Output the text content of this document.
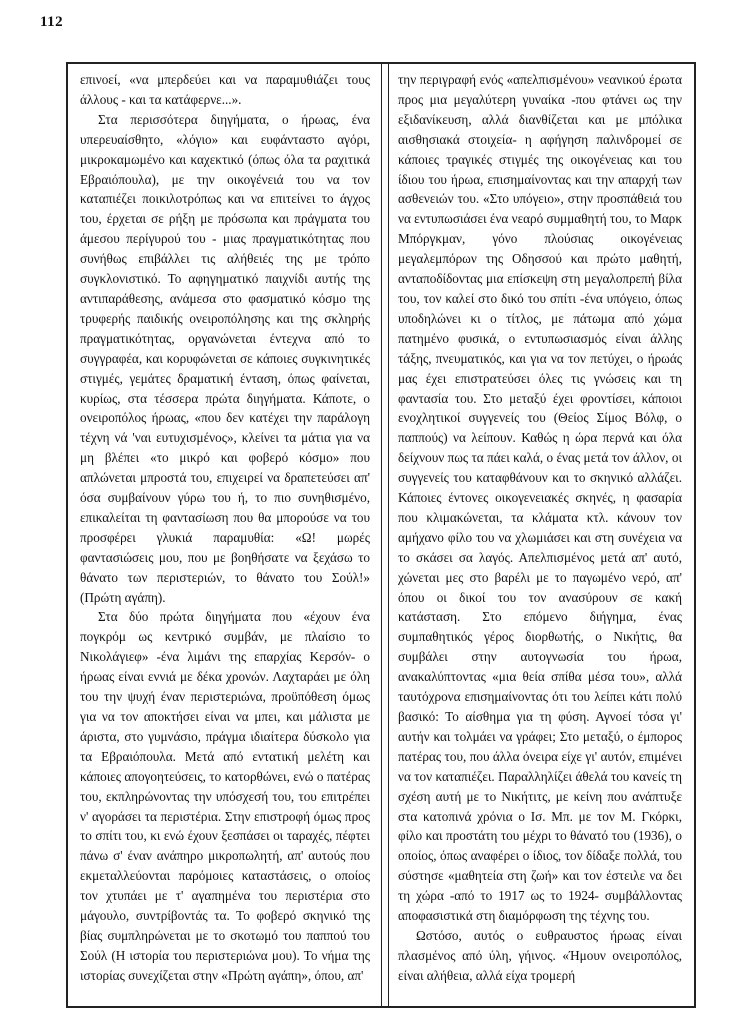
112

επινοεί, «να μπερδεύει και να παραμυθιάζει τους άλλους - και τα κατάφερνε...».

Στα περισσότερα διηγήματα, ο ήρωας, ένα υπερευαίσθητο, «λόγιο» και ευφάνταστο αγόρι, μικροκαμωμένο και καχεκτικό (όπως όλα τα ραχιτικά Εβραιόπουλα), με την οικογένειά του να τον καταπιέζει ποικιλοτρόπως και να επιτείνει το άγχος του, έρχεται σε ρήξη με πρόσωπα και πράγματα του άμεσου περίγυρού του - μιας πραγματικότητας που συνήθως επιβάλλει τις αλήθειές της με τρόπο συγκλονιστικό. Το αφηγηματικό παιχνίδι αυτής της αντιπαράθεσης, ανάμεσα στο φασματικό κόσμο της τρυφερής παιδικής ονειροπόλησης και της σκληρής πραγματικότητας, οργανώνεται έντεχνα από το συγγραφέα, και κορυφώνεται σε κάποιες συγκινητικές στιγμές, γεμάτες δραματική ένταση, όπως φαίνεται, κυρίως, στα τέσσερα πρώτα διηγήματα. Κάποτε, ο ονειροπόλος ήρωας, «που δεν κατέχει την παράλογη τέχνη νά 'ναι ευτυχισμένος», κλείνει τα μάτια για να μη βλέπει «το μικρό και φοβερό κόσμο» που απλώνεται μπροστά του, επιχειρεί να δραπετεύσει απ' όσα συμβαίνουν γύρω του ή, το πιο συνηθισμένο, επικαλείται τη φαντασίωση που θα μπορούσε να του προσφέρει γλυκιά παραμυθία: «Ω! μωρές φαντασιώσεις μου, που με βοηθήσατε να ξεχάσω το θάνατο των περιστεριών, το θάνατο του Σούλ!» (Πρώτη αγάπη).

Στα δύο πρώτα διηγήματα που «έχουν ένα πογκρόμ ως κεντρικό συμβάν, με πλαίσιο το Νικολάγιεφ» -ένα λιμάνι της επαρχίας Κερσόν- ο ήρωας είναι εννιά με δέκα χρονών. Λαχταράει με όλη του την ψυχή έναν περιστεριώνα, προϋπόθεση όμως για να τον αποκτήσει είναι να μπει, και μάλιστα με άριστα, στο γυμνάσιο, πράγμα ιδιαίτερα δύσκολο για τα Εβραιόπουλα. Μετά από εντατική μελέτη και κάποιες απογοητεύσεις, το κατορθώνει, ενώ ο πατέρας του, εκπληρώνοντας την υπόσχεσή του, του επιτρέπει ν' αγοράσει τα περιστέρια. Στην επιστροφή όμως προς το σπίτι του, κι ενώ έχουν ξεσπάσει οι ταραχές, πέφτει πάνω σ' έναν ανάπηρο μικροπωλητή, απ' αυτούς που εκμεταλλεύονται παρόμοιες καταστάσεις, ο οποίος τον χτυπάει με τ' αγαπημένα του περιστέρια στο μάγουλο, συντρίβοντάς τα. Το φοβερό σκηνικό της βίας συμπληρώνεται με το σκοτωμό του παππού του Σούλ (Η ιστορία του περιστεριώνα μου). Το νήμα της ιστορίας συνεχίζεται στην «Πρώτη αγάπη», όπου, απ'

την περιγραφή ενός «απελπισμένου» νεανικού έρωτα προς μια μεγαλύτερη γυναίκα -που φτάνει ως την εξιδανίκευση, αλλά διανθίζεται και με μπόλικα αισθησιακά στοιχεία- η αφήγηση παλινδρομεί σε κάποιες τραγικές στιγμές της οικογένειας και του ίδιου του ήρωα, επισημαίνοντας και την απαρχή των ασθενειών του. «Στο υπόγειο», στην προσπάθειά του να εντυπωσιάσει ένα νεαρό συμμαθητή του, το Μαρκ Μπόργκμαν, γόνο πλούσιας οικογένειας μεγαλεμπόρων της Οδησσού και πρώτο μαθητή, ανταποδίδοντας μια επίσκεψη στη μεγαλοπρεπή βίλα του, τον καλεί στο δικό του σπίτι -ένα υπόγειο, όπως υποδηλώνει κι ο τίτλος, με πάτωμα από χώμα πατημένο φυσικά, ο εντυπωσιασμός είναι άλλης τάξης, πνευματικός, και για να τον πετύχει, ο ήρωάς μας έχει επιστρατεύσει όλες τις γνώσεις και τη φαντασία του. Στο μεταξύ έχει φροντίσει, κάποιοι ενοχλητικοί συγγενείς του (Θείος Σίμος Βόλφ, ο παππούς) να λείπουν. Καθώς η ώρα περνά και όλα δείχνουν πως τα πάει καλά, ο ένας μετά τον άλλον, οι συγγενείς του καταφθάνουν και το σκηνικό αλλάζει. Κάποιες έντονες οικογενειακές σκηνές, η φασαρία που κλιμακώνεται, τα κλάματα κτλ. κάνουν τον αμήχανο φίλο του να χλωμιάσει και στη συνέχεια να το σκάσει σα λαγός. Απελπισμένος μετά απ' αυτό, χώνεται μες στο βαρέλι με το παγωμένο νερό, απ' όπου οι δικοί του τον ανασύρουν σε κακή κατάσταση. Στο επόμενο διήγημα, ένας συμπαθητικός γέρος διορθωτής, ο Νικήτις, θα συμβάλει στην αυτογνωσία του ήρωα, ανακαλύπτοντας «μια θεία σπίθα μέσα του», αλλά ταυτόχρονα επισημαίνοντας ότι του λείπει κάτι πολύ βασικό: Το αίσθημα για τη φύση. Αγνοεί τόσα γι' αυτήν και τολμάει να γράφει; Στο μεταξύ, ο έμπορος πατέρας του, που άλλα όνειρα είχε γι' αυτόν, επιμένει να τον καταπιέζει. Παραλληλίζει άθελά του κανείς τη σχέση αυτή με το Νικήτιτς, με κείνη που ανάπτυξε στα κατοπινά χρόνια ο Ισ. Μπ. με τον Μ. Γκόρκι, φίλο και προστάτη του μέχρι το θάνατό του (1936), ο οποίος, όπως αναφέρει ο ίδιος, τον δίδαξε πολλά, του σύστησε «μαθητεία στη ζωή» και τον έστειλε να δει τη χώρα -από το 1917 ως το 1924- συμβάλλοντας αποφασιστικά στη διαμόρφωση της τέχνης του.

Ωστόσο, αυτός ο ευθραυστος ήρωας είναι πλασμένος από ύλη, γήινος. «Ήμουν ονειροπόλος, είναι αλήθεια, αλλά είχα τρομερή
